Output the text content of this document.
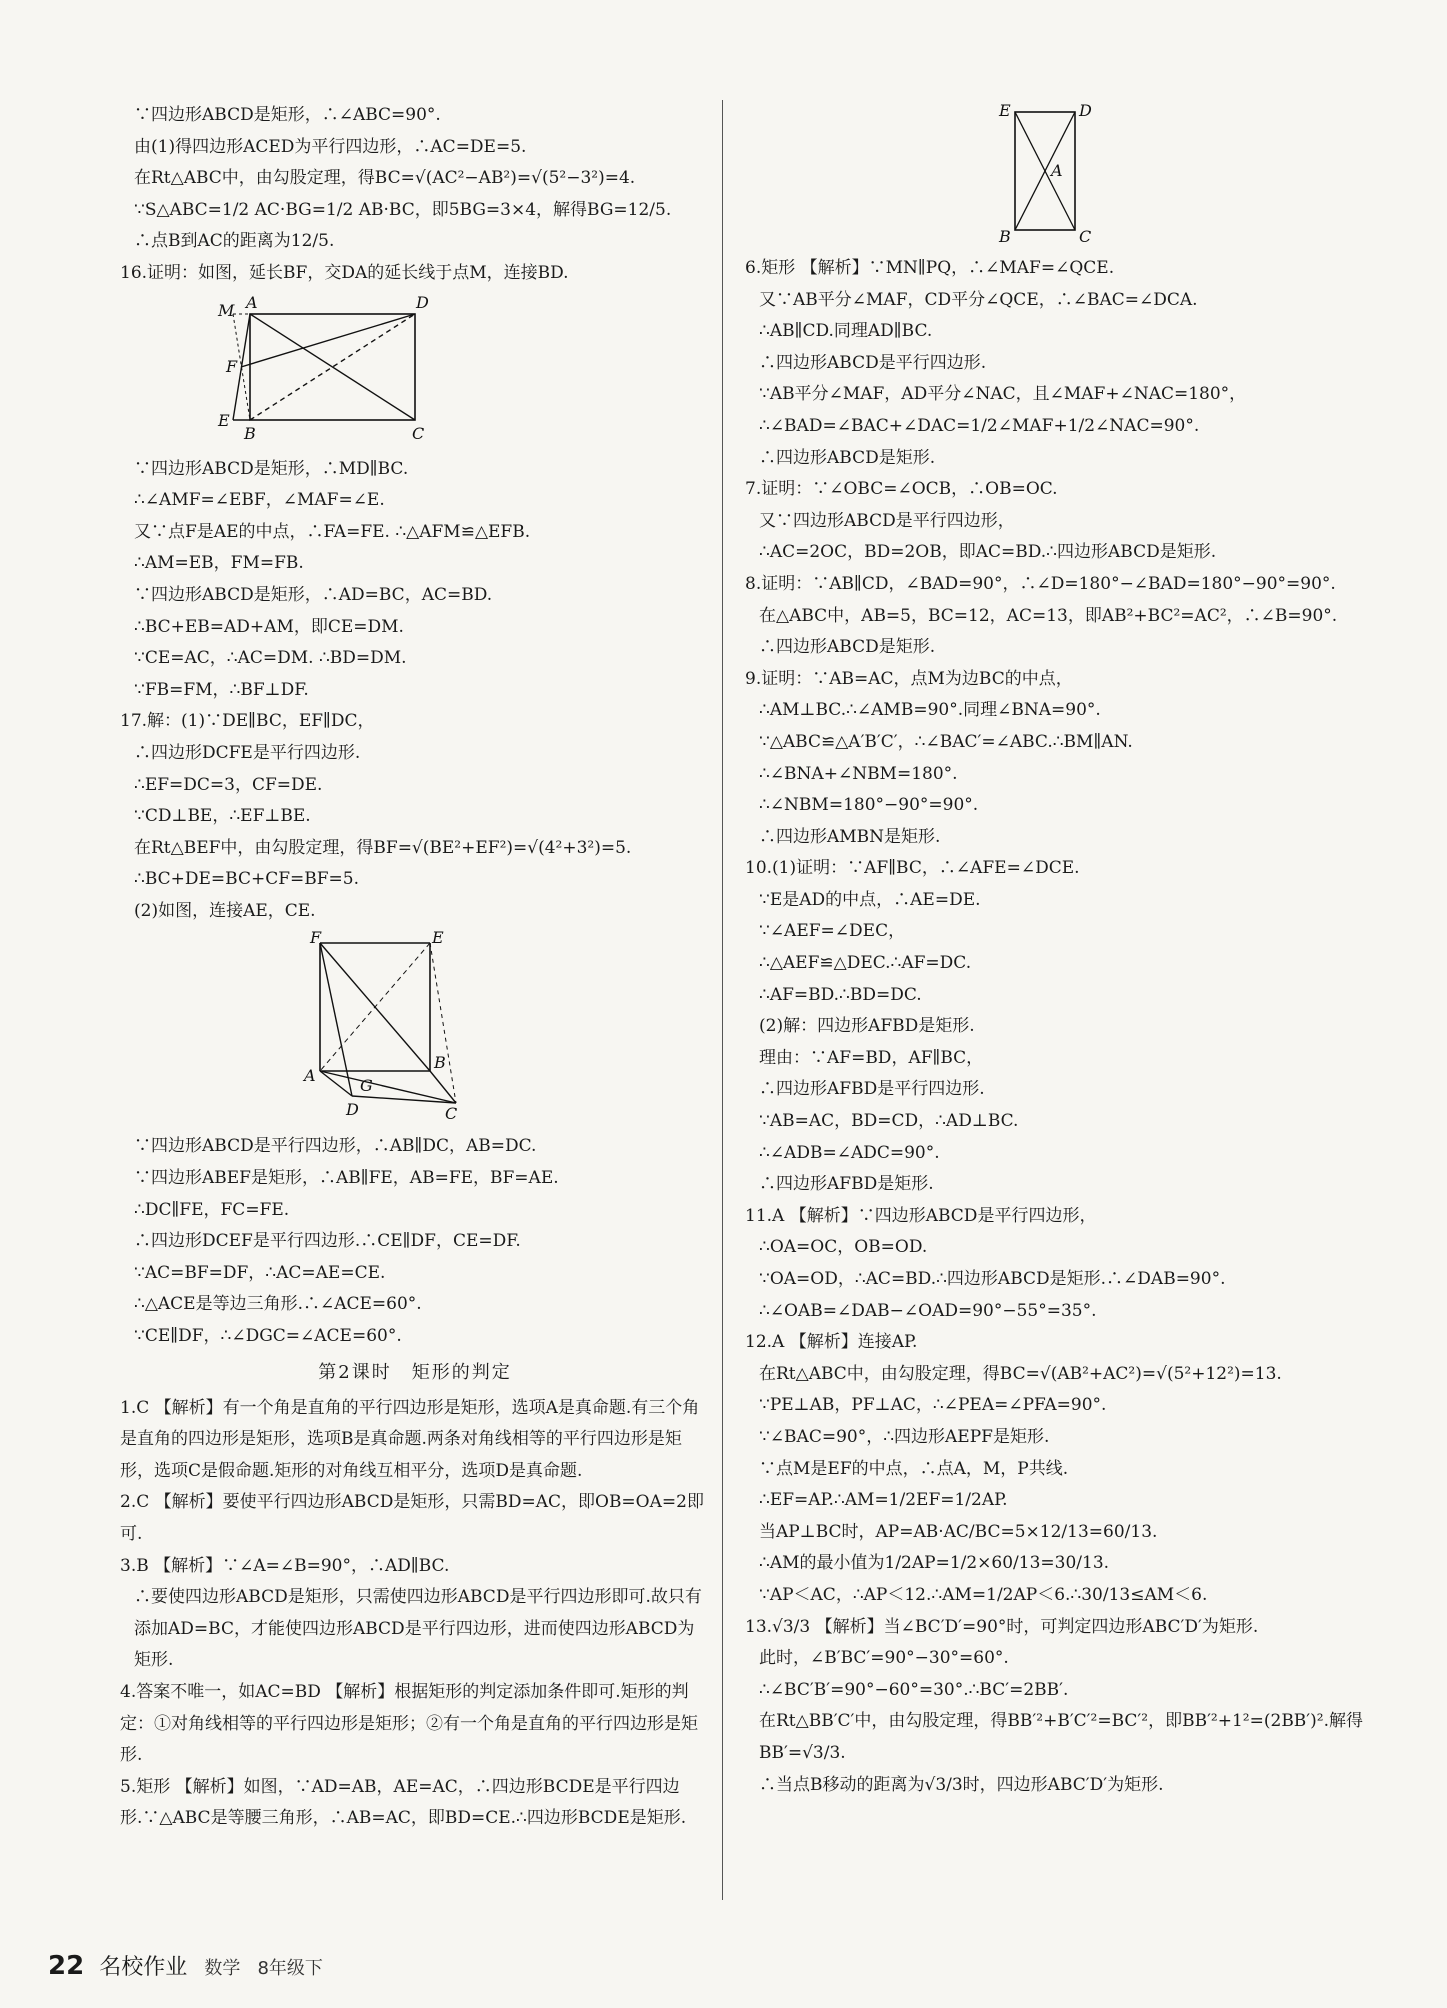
∵四边形ABCD是矩形，∴∠ABC=90°.
由(1)得四边形ACED为平行四边形，∴AC=DE=5.
在Rt△ABC中，由勾股定理，得BC=√(AC²−AB²)=√(5²−3²)=4.
∵S△ABC=1/2 AC·BG=1/2 AB·BC，即5BG=3×4，解得BG=12/5.
∴点B到AC的距离为12/5.
16.证明：如图，延长BF，交DA的延长线于点M，连接BD.
M A	D
F
E
B	C
∵四边形ABCD是矩形，∴MD∥BC.
∴∠AMF=∠EBF，∠MAF=∠E.
又∵点F是AE的中点，∴FA=FE. ∴△AFM≌△EFB.
∴AM=EB，FM=FB.
∵四边形ABCD是矩形，∴AD=BC，AC=BD.
∴BC+EB=AD+AM，即CE=DM.
∵CE=AC，∴AC=DM. ∴BD=DM.
∵FB=FM，∴BF⊥DF.
17.解：(1)∵DE∥BC，EF∥DC，
∴四边形DCFE是平行四边形.
∴EF=DC=3，CF=DE.
∵CD⊥BE，∴EF⊥BE.
在Rt△BEF中，由勾股定理，得BF=√(BE²+EF²)=√(4²+3²)=5.
∴BC+DE=BC+CF=BF=5.
(2)如图，连接AE，CE.
F	E
A
B
G
D	C
∵四边形ABCD是平行四边形，∴AB∥DC，AB=DC.
∵四边形ABEF是矩形，∴AB∥FE，AB=FE，BF=AE.
∴DC∥FE，FC=FE.
∴四边形DCEF是平行四边形.∴CE∥DF，CE=DF.
∵AC=BF=DF，∴AC=AE=CE.
∴△ACE是等边三角形.∴∠ACE=60°.
∵CE∥DF，∴∠DGC=∠ACE=60°.
第2课时　矩形的判定
1.C 【解析】有一个角是直角的平行四边形是矩形，选项A是真命题.有三个角是直角的四边形是矩形，选项B是真命题.两条对角线相等的平行四边形是矩形，选项C是假命题.矩形的对角线互相平分，选项D是真命题.
2.C 【解析】要使平行四边形ABCD是矩形，只需BD=AC，即OB=OA=2即可.
3.B 【解析】∵∠A=∠B=90°，∴AD∥BC.
∴要使四边形ABCD是矩形，只需使四边形ABCD是平行四边形即可.故只有添加AD=BC，才能使四边形ABCD是平行四边形，进而使四边形ABCD为矩形.
4.答案不唯一，如AC=BD 【解析】根据矩形的判定添加条件即可.矩形的判定：①对角线相等的平行四边形是矩形；②有一个角是直角的平行四边形是矩形.
5.矩形 【解析】如图，∵AD=AB，AE=AC，∴四边形BCDE是平行四边形.∵△ABC是等腰三角形，∴AB=AC，即BD=CE.∴四边形BCDE是矩形.
E	D
A
B	C
6.矩形 【解析】∵MN∥PQ，∴∠MAF=∠QCE.
又∵AB平分∠MAF，CD平分∠QCE，∴∠BAC=∠DCA.
∴AB∥CD.同理AD∥BC.
∴四边形ABCD是平行四边形.
∵AB平分∠MAF，AD平分∠NAC，且∠MAF+∠NAC=180°，
∴∠BAD=∠BAC+∠DAC=1/2∠MAF+1/2∠NAC=90°.
∴四边形ABCD是矩形.
7.证明：∵∠OBC=∠OCB，∴OB=OC.
又∵四边形ABCD是平行四边形，
∴AC=2OC，BD=2OB，即AC=BD.∴四边形ABCD是矩形.
8.证明：∵AB∥CD，∠BAD=90°，∴∠D=180°−∠BAD=180°−90°=90°.
在△ABC中，AB=5，BC=12，AC=13，即AB²+BC²=AC²，∴∠B=90°.
∴四边形ABCD是矩形.
9.证明：∵AB=AC，点M为边BC的中点，
∴AM⊥BC.∴∠AMB=90°.同理∠BNA=90°.
∵△ABC≌△A′B′C′，∴∠BAC′=∠ABC.∴BM∥AN.
∴∠BNA+∠NBM=180°.
∴∠NBM=180°−90°=90°.
∴四边形AMBN是矩形.
10.(1)证明：∵AF∥BC，∴∠AFE=∠DCE.
∵E是AD的中点，∴AE=DE.
∵∠AEF=∠DEC，
∴△AEF≌△DEC.∴AF=DC.
∴AF=BD.∴BD=DC.
(2)解：四边形AFBD是矩形.
理由：∵AF=BD，AF∥BC，
∴四边形AFBD是平行四边形.
∵AB=AC，BD=CD，∴AD⊥BC.
∴∠ADB=∠ADC=90°.
∴四边形AFBD是矩形.
11.A 【解析】∵四边形ABCD是平行四边形，
∴OA=OC，OB=OD.
∵OA=OD，∴AC=BD.∴四边形ABCD是矩形.∴∠DAB=90°.
∴∠OAB=∠DAB−∠OAD=90°−55°=35°.
12.A 【解析】连接AP.
在Rt△ABC中，由勾股定理，得BC=√(AB²+AC²)=√(5²+12²)=13.
∵PE⊥AB，PF⊥AC，∴∠PEA=∠PFA=90°.
∵∠BAC=90°，∴四边形AEPF是矩形.
∵点M是EF的中点，∴点A，M，P共线.
∴EF=AP.∴AM=1/2EF=1/2AP.
当AP⊥BC时，AP=AB·AC/BC=5×12/13=60/13.
∴AM的最小值为1/2AP=1/2×60/13=30/13.
∵AP＜AC，∴AP＜12.∴AM=1/2AP＜6.∴30/13≤AM＜6.
13.√3/3 【解析】当∠BC′D′=90°时，可判定四边形ABC′D′为矩形.
此时，∠B′BC′=90°−30°=60°.
∴∠BC′B′=90°−60°=30°.∴BC′=2BB′.
在Rt△BB′C′中，由勾股定理，得BB′²+B′C′²=BC′²，即BB′²+1²=(2BB′)².解得BB′=√3/3.
∴当点B移动的距离为√3/3时，四边形ABC′D′为矩形.
22 名校作业 数学 8年级下
